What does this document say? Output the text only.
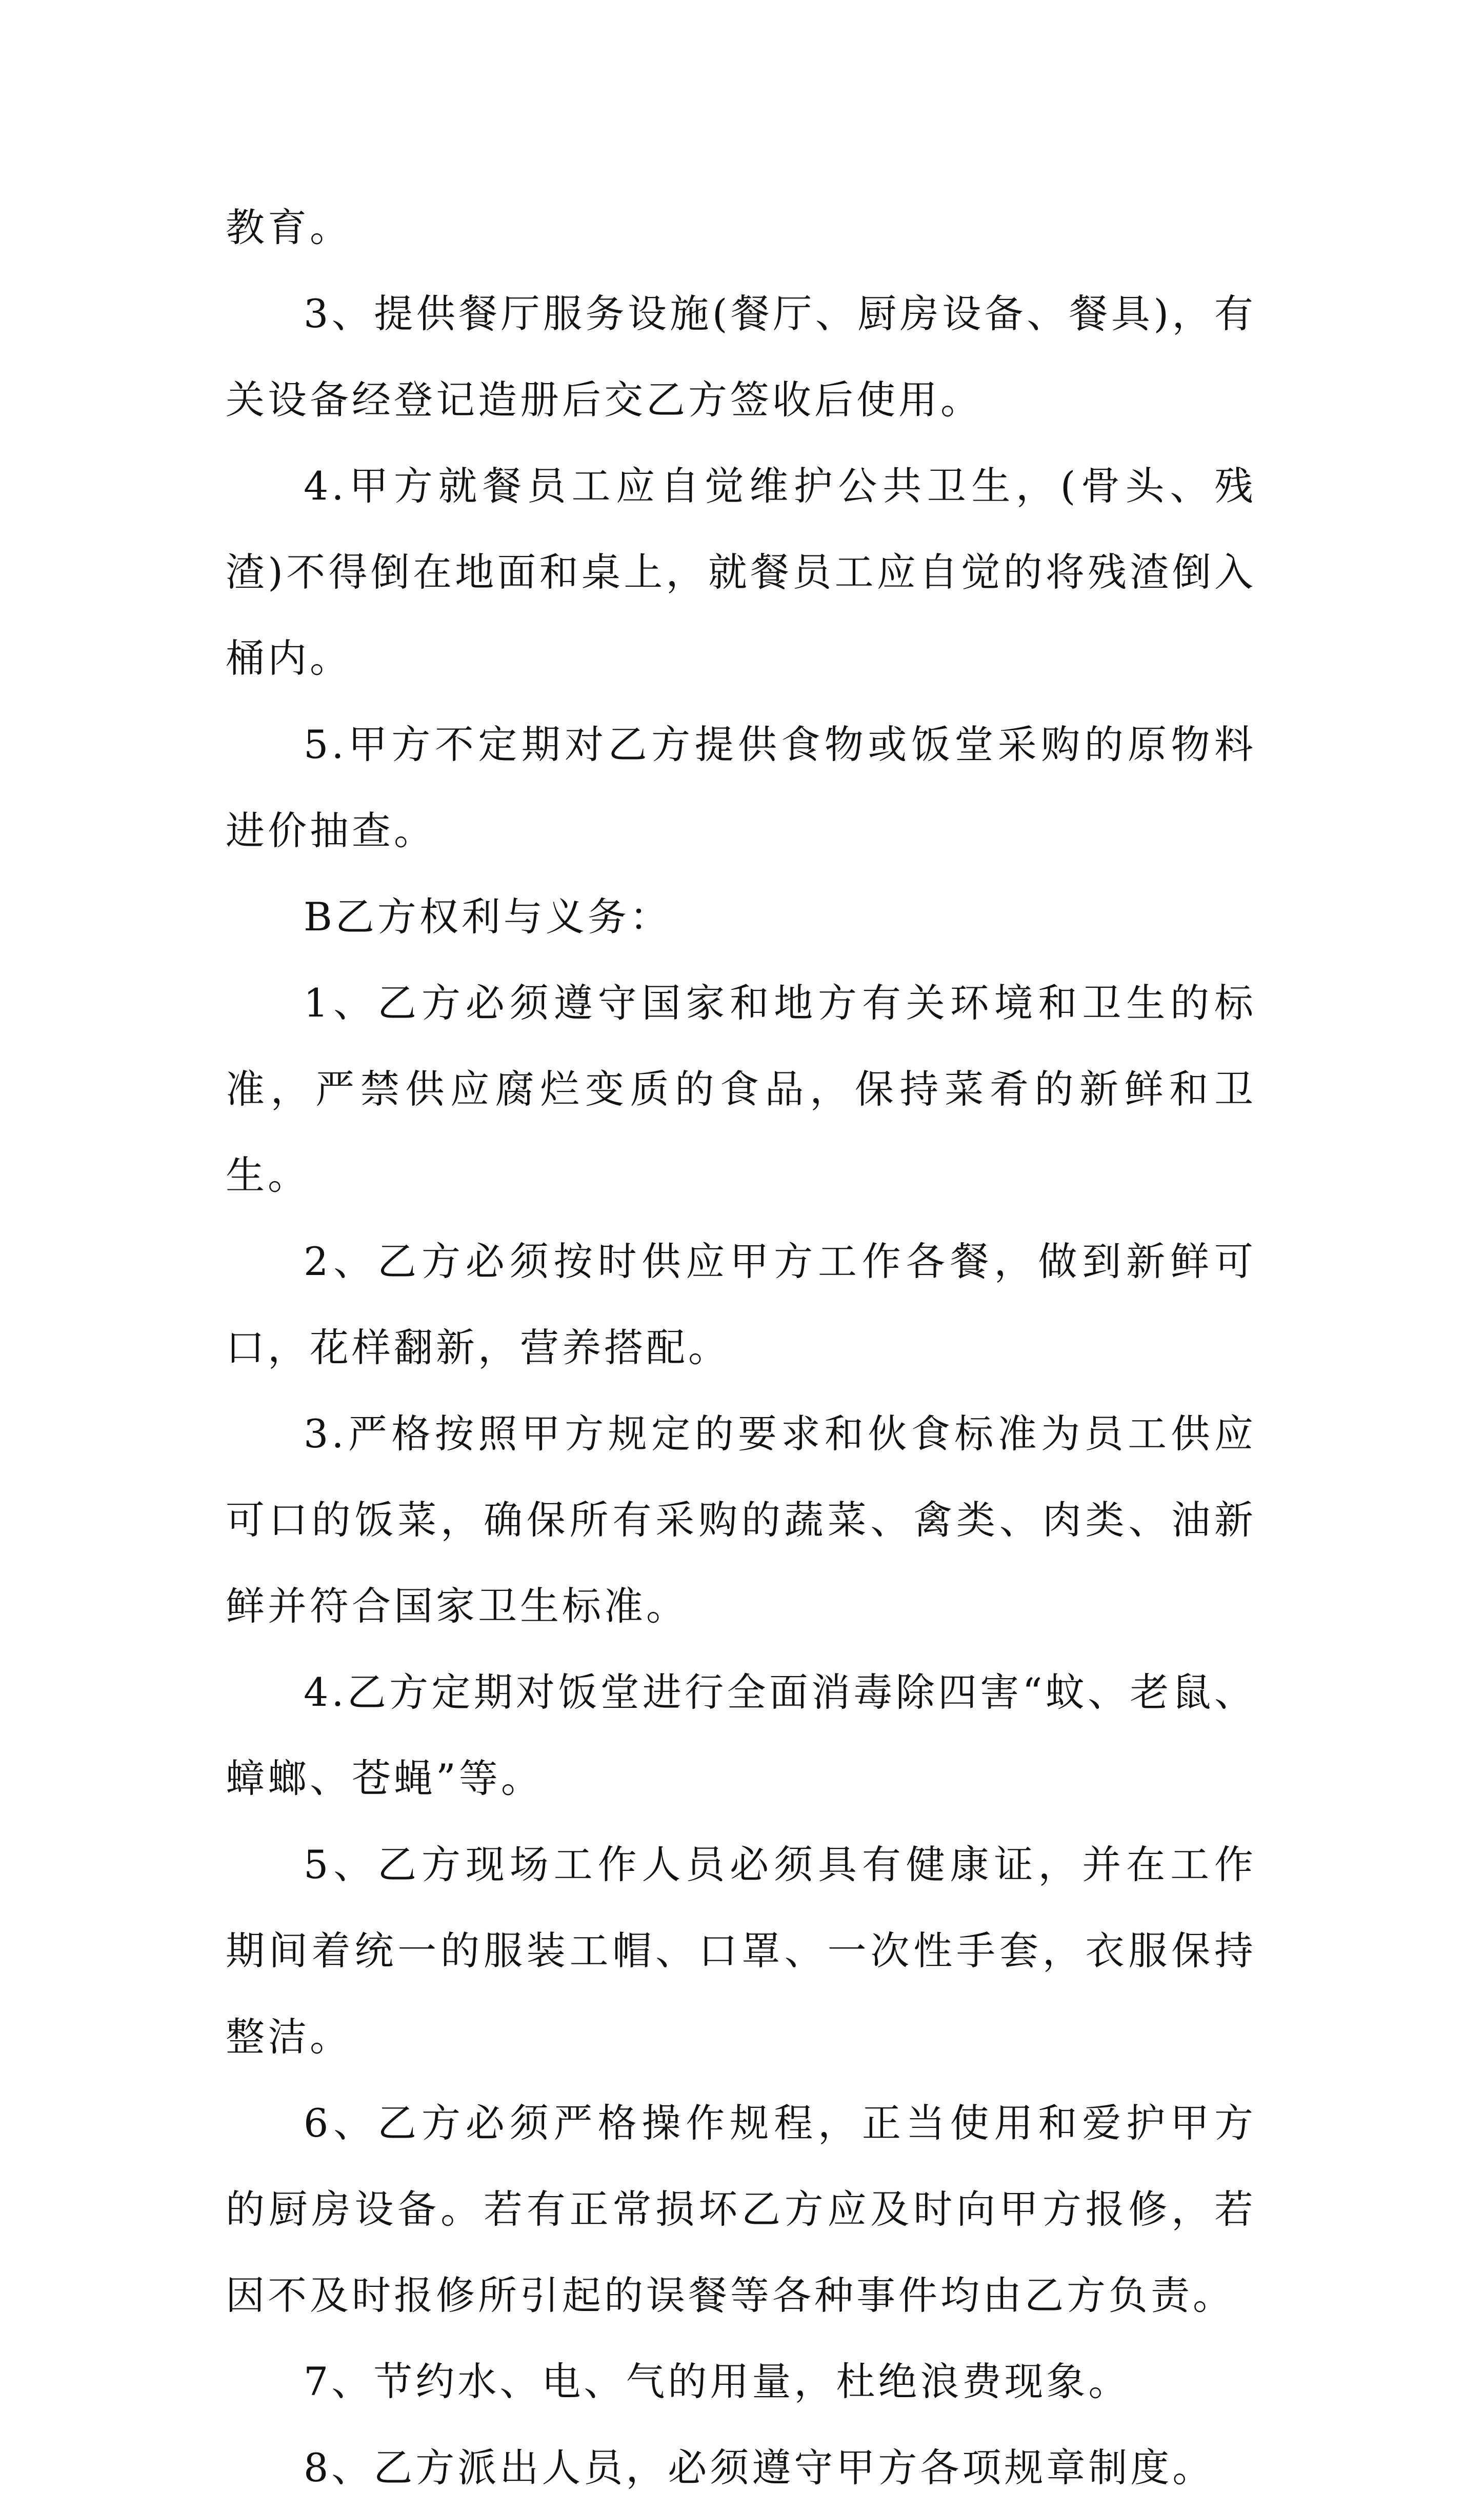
教育。

3、提供餐厅服务设施(餐厅、厨房设备、餐具)，有关设备经登记造册后交乙方签收后使用。

4.甲方就餐员工应自觉维护公共卫生，(骨头、残渣)不得倒在地面和桌上，就餐员工应自觉的将残渣倒入桶内。

5.甲方不定期对乙方提供食物或饭堂采购的原物料进价抽查。

B乙方权利与义务：

1、乙方必须遵守国家和地方有关环境和卫生的标准，严禁供应腐烂变质的食品，保持菜肴的新鲜和卫生。

2、乙方必须按时供应甲方工作各餐，做到新鲜可口，花样翻新，营养搭配。

3.严格按照甲方规定的要求和伙食标准为员工供应可口的饭菜，确保所有采购的蔬菜、禽类、肉类、油新鲜并符合国家卫生标准。

4.乙方定期对饭堂进行全面消毒除四害“蚊、老鼠、蟑螂、苍蝇”等。

5、乙方现场工作人员必须具有健康证，并在工作期间着统一的服装工帽、口罩、一次性手套，衣服保持整洁。

6、乙方必须严格操作规程，正当使用和爱护甲方的厨房设备。若有正常损坏乙方应及时向甲方报修，若因不及时报修所引起的误餐等各种事件均由乙方负责。

7、节约水、电、气的用量，杜绝浪费现象。

8、乙方派出人员，必须遵守甲方各项规章制度。
